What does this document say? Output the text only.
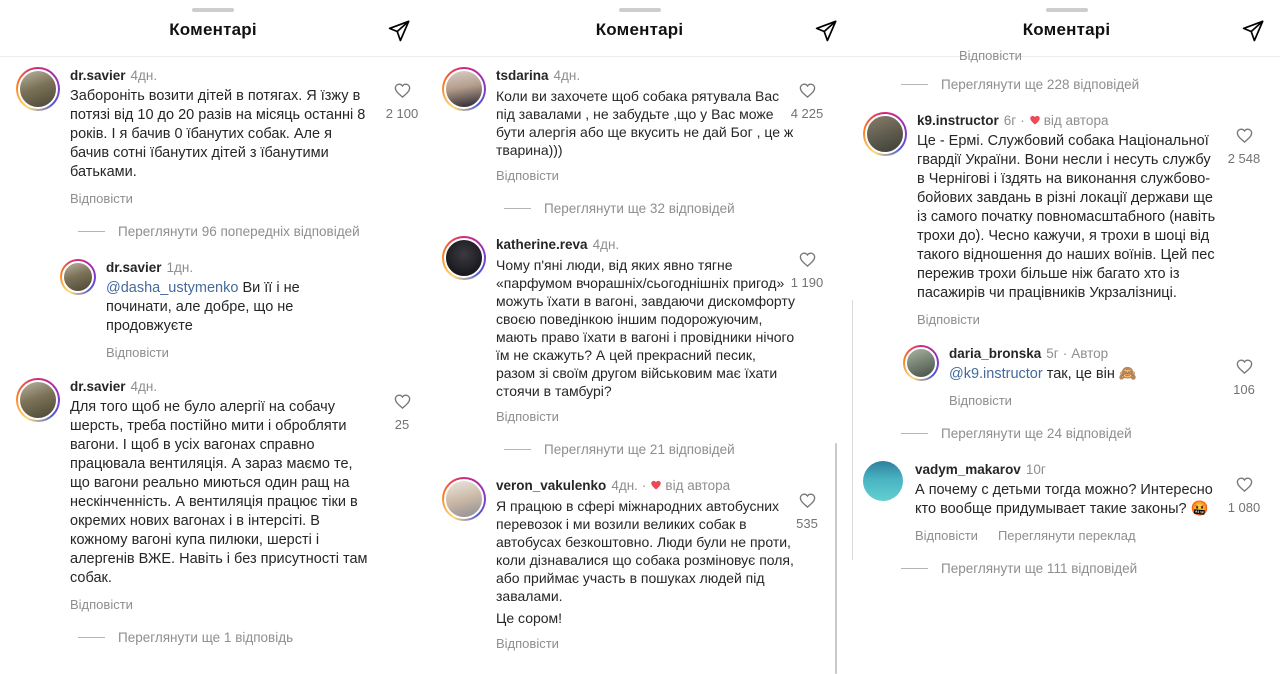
Коментарі
dr.savier 4дн.
Забороніть возити дітей в потягах. Я їзжу в потязі від 10 до 20 разів на місяць останні 8 років. І я бачив 0 їбанутих собак. Але я бачив сотні їбанутих дітей з їбанутими батьками.
Відповісти
2 100
Переглянути 96 попередніх відповідей
dr.savier 1дн.
@dasha_ustymenko Ви її і не починати, але добре, що не продовжуєте
Відповісти
dr.savier 4дн.
Для того щоб не було алергії на собачу шерсть, треба постійно мити і обробляти вагони. І щоб в усіх вагонах справно працювала вентиляція. А зараз маємо те, що вагони реально миються один ращ на нескінченність. А вентиляція працює тіки в окремих нових вагонах і в інтерсіті. В кожному вагоні купа пилюки, шерсті і алергенів ВЖЕ. Навіть і без присутності там собак.
Відповісти
25
Переглянути ще 1 відповідь
Коментарі
tsdarina 4дн.
Коли ви захочете щоб собака рятувала Вас під завалами , не забудьте ,що у Вас може бути алергія або ще вкусить не дай Бог , це ж тварина)))
Відповісти
4 225
Переглянути ще 32 відповідей
katherine.reva 4дн.
Чому п'яні люди, від яких явно тягне «парфумом вчорашніх/сьогоднішніх пригод» можуть їхати в вагоні, завдаючи дискомфорту своєю поведінкою іншим подорожуючим, мають право їхати в вагоні і провідники нічого їм не скажуть? А цей прекрасний песик, разом зі своїм другом військовим має їхати стоячи в тамбурі?
Відповісти
1 190
Переглянути ще 21 відповідей
veron_vakulenko 4дн. · від автора
Я працюю в сфері міжнародних автобусних перевозок і ми возили великих собак в автобусах безкоштовно. Люди були не проти, коли дізнавалися що собака розміновує поля, або приймає участь в пошуках людей під завалами.
Це сором!
Відповісти
535
Коментарі
Відповісти
Переглянути ще 228 відповідей
k9.instructor 6г · від автора
Це - Ермі. Службовий собака Національної гвардії України. Вони несли і несуть службу в Чернігові і їздять на виконання службово-бойових завдань в різні локації держави ще із самого початку повномасштабного (навіть трохи до). Чесно кажучи, я трохи в шоці від такого відношення до наших воїнів. Цей пес пережив трохи більше ніж багато хто із пасажирів чи працівників Укрзалізниці.
Відповісти
2 548
daria_bronska 5г · Автор
@k9.instructor так, це він 🙈
Відповісти
106
Переглянути ще 24 відповідей
vadym_makarov 10г
А почему с детьми тогда можно? Интересно кто вообще придумывает такие законы? 🤬
Відповісти Переглянути переклад
1 080
Переглянути ще 111 відповідей
